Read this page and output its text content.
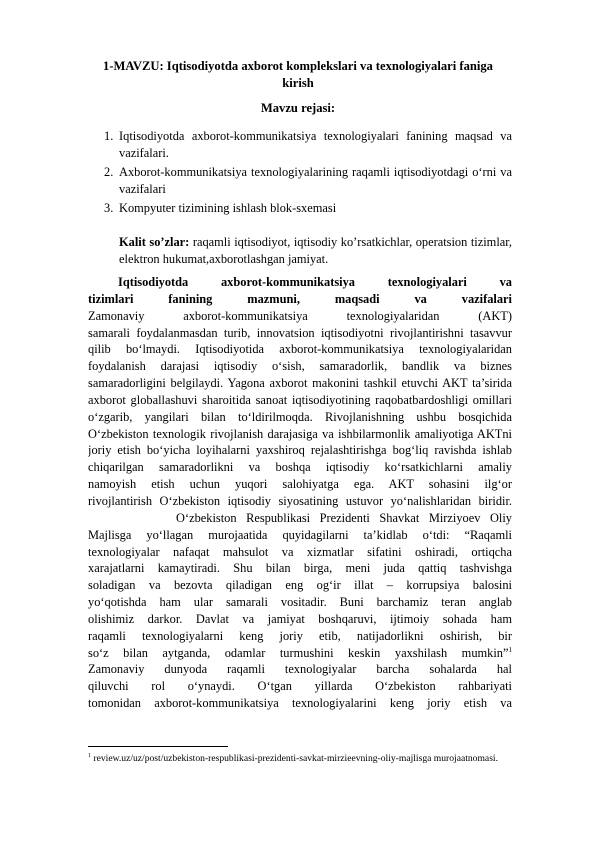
1-MAVZU: Iqtisodiyotda axborot komplekslari va texnologiyalari faniga kirish
Mavzu rejasi:
1. Iqtisodiyotda axborot-kommunikatsiya texnologiyalari fanining maqsad va vazifalari.
2. Axborot-kommunikatsiya texnologiyalarining raqamli iqtisodiyotdagi o‘rni va vazifalari
3. Kompyuter tizimining ishlash blok-sxemasi
Kalit so’zlar: raqamli iqtisodiyot, iqtisodiy ko’rsatkichlar, operatsion tizimlar, elektron hukumat,axborotlashgan jamiyat.
Iqtisodiyotda axborot-kommunikatsiya texnologiyalari va
tizimlari fanining mazmuni, maqsadi va vazifalari
Zamonaviy axborot-kommunikatsiya texnologiyalaridan (AKT)
samarali foydalanmasdan turib, innovatsion iqtisodiyotni rivojlantirishni tasavvur
qilib bo‘lmaydi. Iqtisodiyotida axborot-kommunikatsiya texnologiyalaridan
foydalanish darajasi iqtisodiy o‘sish, samaradorlik, bandlik va biznes
samaradorligini belgilaydi. Yagona axborot makonini tashkil etuvchi AKT ta’sirida
axborot globallashuvi sharoitida sanoat iqtisodiyotining raqobatbardoshligi omillari
o‘zgarib, yangilari bilan to‘ldirilmoqda. Rivojlanishning ushbu bosqichida
O‘zbekiston texnologik rivojlanish darajasiga va ishbilarmonlik amaliyotiga AKTni
joriy etish bo‘yicha loyihalarni yaxshiroq rejalashtirishga bog‘liq ravishda ishlab
chiqarilgan samaradorlikni va boshqa iqtisodiy ko‘rsatkichlarni amaliy
namoyish etish uchun yuqori salohiyatga ega. AKT sohasini ilg‘or
rivojlantirish O‘zbekiston iqtisodiy siyosatining ustuvor yo‘nalishlaridan biridir.
O‘zbekiston Respublikasi Prezidenti Shavkat Mirziyoev Oliy
Majlisga yo‘llagan murojaatida quyidagilarni ta’kidlab o‘tdi: “Raqamli
texnologiyalar nafaqat mahsulot va xizmatlar sifatini oshiradi, ortiqcha
xarajatlarni kamaytiradi. Shu bilan birga, meni juda qattiq tashvishga
soladigan va bezovta qiladigan eng og‘ir illat – korrupsiya balosini
yo‘qotishda ham ular samarali vositadir. Buni barchamiz teran anglab
olishimiz darkor. Davlat va jamiyat boshqaruvi, ijtimoiy sohada ham
raqamli texnologiyalarni keng joriy etib, natijadorlikni oshirish, bir
so‘z bilan aytganda, odamlar turmushini keskin yaxshilash mumkin”$^1$
Zamonaviy dunyoda raqamli texnologiyalar barcha sohalarda hal
qiluvchi rol o‘ynaydi. O‘tgan yillarda O‘zbekiston rahbariyati
tomonidan axborot-kommunikatsiya texnologiyalarini keng joriy etish va
$^1$ review.uz/uz/post/uzbekiston-respublikasi-prezidenti-savkat-mirzieevning-oliy-majlisga murojaatnomasi.
